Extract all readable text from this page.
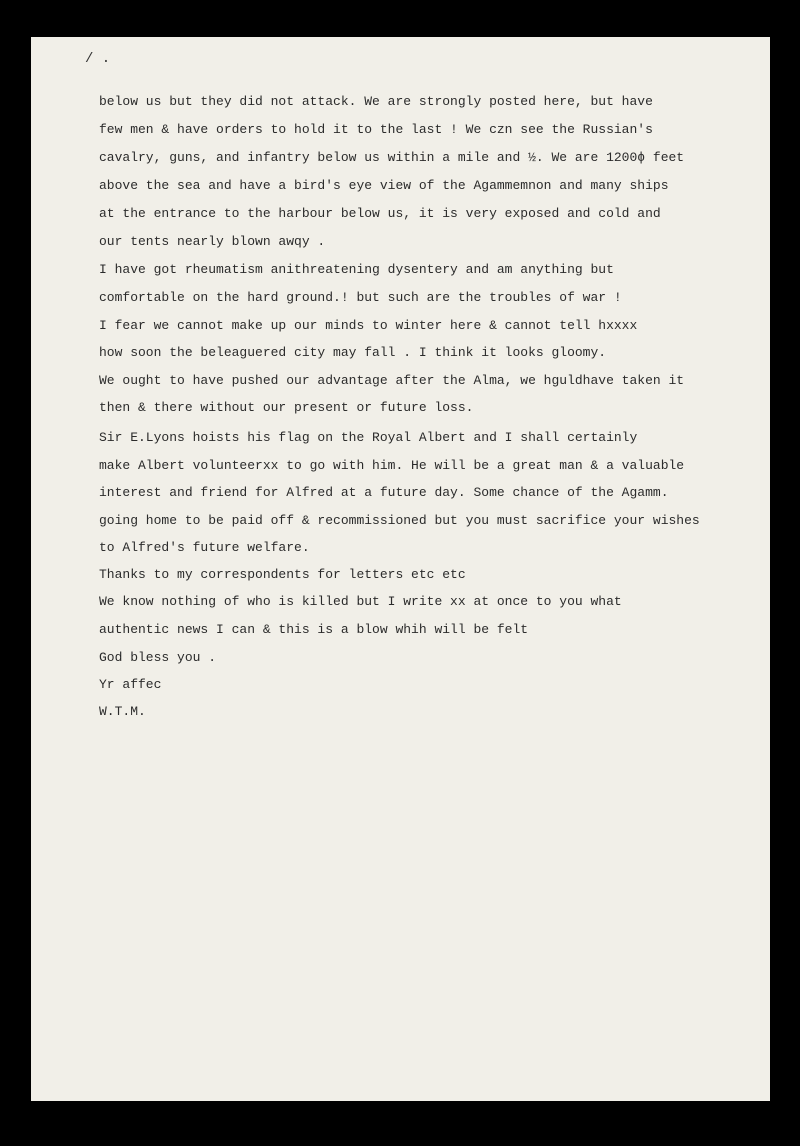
/ .
below us but they did not attack. We are strongly posted here, but have
few men & have orders to hold it to the last ! We czn see the Russian's
cavalry, guns, and infantry below us within a mile and ½. We are 1200ɸ feet
above the sea and have a bird's eye view of the Agammemnon and many ships
at the entrance to the harbour below us, it is very exposed and cold and
our tents nearly blown awqy .
I have got rheumatism anithreatening dysentery and am anything but
comfortable on the hard ground.! but such are the troubles of war !
I fear we cannot make up our minds to winter here & cannot tell hxxxx
how soon the beleaguered city may fall . I think it looks gloomy.
We ought to have pushed our advantage after the Alma, we hguldhave taken it
then & there without our present or future loss.
Sir E.Lyons hoists his flag on the Royal Albert and I shall certainly
make Albert volunteerxx to go with him. He will be a great man & a valuable
interest and friend for Alfred at a future day. Some chance of the Agamm.
going home to be paid off & recommissioned but you must sacrifice your wishes
to Alfred's future welfare.
Thanks to my correspondents for letters etc etc
We know nothing of who is killed but I write xx at once to you what
authentic news I can & this is a blow whih will be felt
God bless you .
Yr affec
W.T.M.
